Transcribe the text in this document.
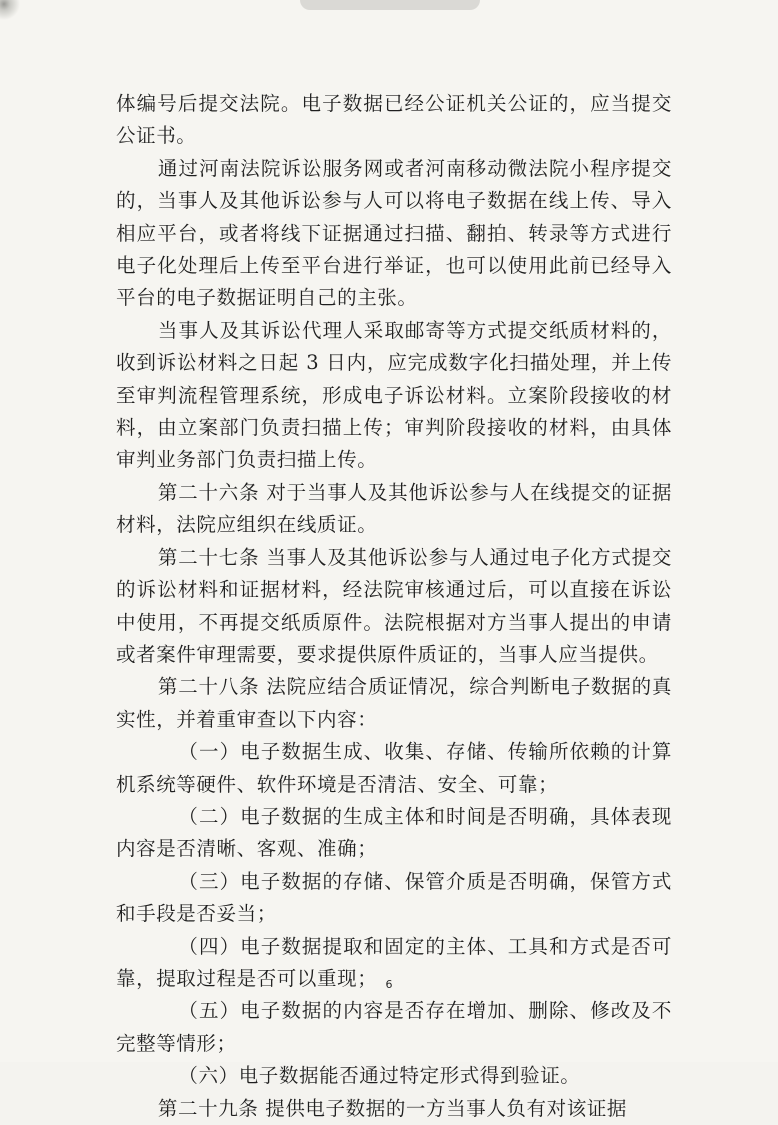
体编号后提交法院。电子数据已经公证机关公证的，应当提交公证书。

通过河南法院诉讼服务网或者河南移动微法院小程序提交的，当事人及其他诉讼参与人可以将电子数据在线上传、导入相应平台，或者将线下证据通过扫描、翻拍、转录等方式进行电子化处理后上传至平台进行举证，也可以使用此前已经导入平台的电子数据证明自己的主张。

当事人及其诉讼代理人采取邮寄等方式提交纸质材料的，收到诉讼材料之日起 3 日内，应完成数字化扫描处理，并上传至审判流程管理系统，形成电子诉讼材料。立案阶段接收的材料，由立案部门负责扫描上传；审判阶段接收的材料，由具体审判业务部门负责扫描上传。

第二十六条 对于当事人及其他诉讼参与人在线提交的证据材料，法院应组织在线质证。

第二十七条 当事人及其他诉讼参与人通过电子化方式提交的诉讼材料和证据材料，经法院审核通过后，可以直接在诉讼中使用，不再提交纸质原件。法院根据对方当事人提出的申请或者案件审理需要，要求提供原件质证的，当事人应当提供。

第二十八条 法院应结合质证情况，综合判断电子数据的真实性，并着重审查以下内容：

（一）电子数据生成、收集、存储、传输所依赖的计算机系统等硬件、软件环境是否清洁、安全、可靠；

（二）电子数据的生成主体和时间是否明确，具体表现内容是否清晰、客观、准确；

（三）电子数据的存储、保管介质是否明确，保管方式和手段是否妥当；

（四）电子数据提取和固定的主体、工具和方式是否可靠，提取过程是否可以重现；

（五）电子数据的内容是否存在增加、删除、修改及不完整等情形；

（六）电子数据能否通过特定形式得到验证。

第二十九条 提供电子数据的一方当事人负有对该证据

6
